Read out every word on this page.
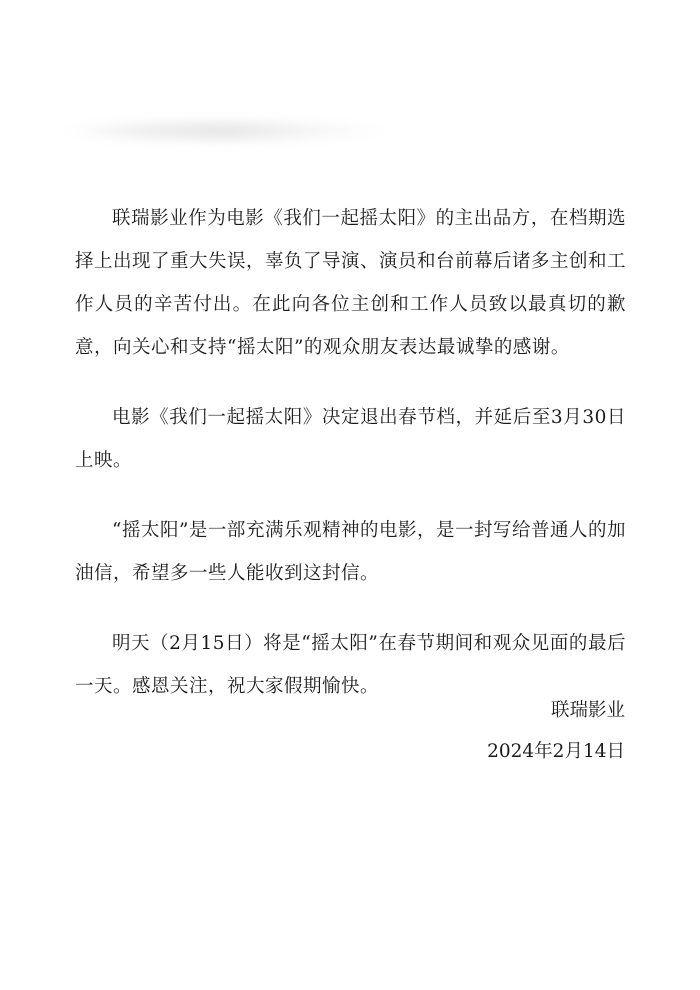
联瑞影业作为电影《我们一起摇太阳》的主出品方，在档期选择上出现了重大失误，辜负了导演、演员和台前幕后诸多主创和工作人员的辛苦付出。在此向各位主创和工作人员致以最真切的歉意，向关心和支持“摇太阳”的观众朋友表达最诚挚的感谢。

电影《我们一起摇太阳》决定退出春节档，并延后至3月30日上映。

“摇太阳”是一部充满乐观精神的电影，是一封写给普通人的加油信，希望多一些人能收到这封信。

明天（2月15日）将是“摇太阳”在春节期间和观众见面的最后一天。感恩关注，祝大家假期愉快。

联瑞影业
2024年2月14日
